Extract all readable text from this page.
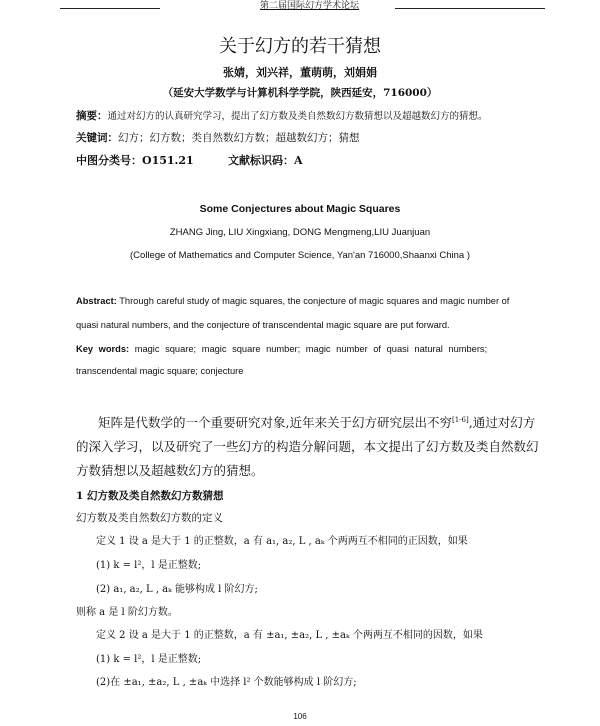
第二届国际幻方学术论坛
关于幻方的若干猜想
张婧，刘兴祥，董萌萌，刘娟娟
（延安大学数学与计算机科学学院，陕西延安，716000）
摘要：通过对幻方的认真研究学习，提出了幻方数及类自然数幻方数猜想以及超越数幻方的猜想。
关键词：幻方；幻方数；类自然数幻方数；超越数幻方；猜想
中图分类号：O151.21	文献标识码：A
Some Conjectures about Magic Squares
ZHANG Jing, LIU Xingxiang, DONG Mengmeng,LIU Juanjuan
(College of Mathematics and Computer Science, Yan'an 716000,Shaanxi China )
Abstract: Through careful study of magic squares, the conjecture of magic squares and magic number of
quasi natural numbers, and the conjecture of transcendental magic square are put forward.
Key words: magic square; magic square number; magic number of quasi natural numbers;
transcendental magic square; conjecture
矩阵是代数学的一个重要研究对象,近年来关于幻方研究层出不穷[1-6],通过对幻方
的深入学习，以及研究了一些幻方的构造分解问题，本文提出了幻方数及类自然数幻
方数猜想以及超越数幻方的猜想。
1 幻方数及类自然数幻方数猜想
幻方数及类自然数幻方数的定义
定义 1 设 a 是大于 1 的正整数，a 有 a₁, a₂, L , aₖ 个两两互不相同的正因数，如果
(1) k = l²，l 是正整数;
(2) a₁, a₂, L , aₖ 能够构成 l 阶幻方;
则称 a 是 l 阶幻方数。
定义 2 设 a 是大于 1 的正整数，a 有 ±a₁, ±a₂, L , ±aₖ 个两两互不相同的因数，如果
(1) k = l²，l 是正整数;
(2)在 ±a₁, ±a₂, L , ±aₖ 中选择 l² 个数能够构成 l 阶幻方;
106
